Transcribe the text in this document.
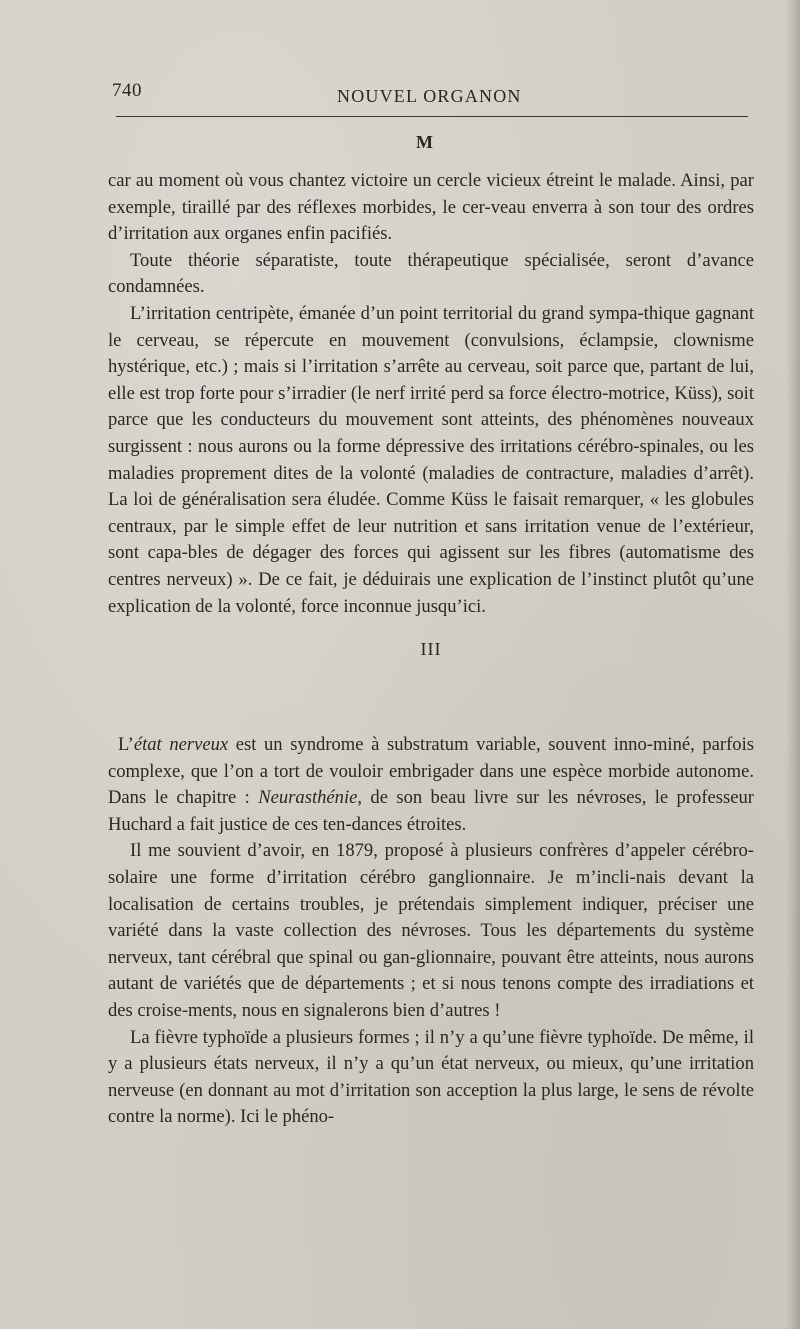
740	NOUVEL ORGANON
M

car au moment où vous chantez victoire un cercle vicieux étreint le malade. Ainsi, par exemple, tiraillé par des réflexes morbides, le cer-veau enverra à son tour des ordres d’irritation aux organes enfin pacifiés.

Toute théorie séparatiste, toute thérapeutique spécialisée, seront d’avance condamnées.

L’irritation centripète, émanée d’un point territorial du grand sympa-thique gagnant le cerveau, se répercute en mouvement (convulsions, éclampsie, clownisme hystérique, etc.) ; mais si l’irritation s’arrête au cerveau, soit parce que, partant de lui, elle est trop forte pour s’irradier (le nerf irrité perd sa force électro-motrice, Küss), soit parce que les conducteurs du mouvement sont atteints, des phénomènes nouveaux surgissent : nous aurons ou la forme dépressive des irritations cérébro-spinales, ou les maladies proprement dites de la volonté (maladies de contracture, maladies d’arrêt). La loi de généralisation sera éludée. Comme Küss le faisait remarquer, « les globules centraux, par le simple effet de leur nutrition et sans irritation venue de l’extérieur, sont capa-bles de dégager des forces qui agissent sur les fibres (automatisme des centres nerveux) ». De ce fait, je déduirais une explication de l’instinct plutôt qu’une explication de la volonté, force inconnue jusqu’ici.

III

L’état nerveux est un syndrome à substratum variable, souvent inno-miné, parfois complexe, que l’on a tort de vouloir embrigader dans une espèce morbide autonome. Dans le chapitre : Neurasthénie, de son beau livre sur les névroses, le professeur Huchard a fait justice de ces ten-dances étroites.

Il me souvient d’avoir, en 1879, proposé à plusieurs confrères d’appeler cérébro-solaire une forme d’irritation cérébro ganglionnaire. Je m’incli-nais devant la localisation de certains troubles, je prétendais simplement indiquer, préciser une variété dans la vaste collection des névroses. Tous les départements du système nerveux, tant cérébral que spinal ou gan-glionnaire, pouvant être atteints, nous aurons autant de variétés que de départements ; et si nous tenons compte des irradiations et des croise-ments, nous en signalerons bien d’autres !

La fièvre typhoïde a plusieurs formes ; il n’y a qu’une fièvre typhoïde. De même, il y a plusieurs états nerveux, il n’y a qu’un état nerveux, ou mieux, qu’une irritation nerveuse (en donnant au mot d’irritation son acception la plus large, le sens de révolte contre la norme). Ici le phéno-
